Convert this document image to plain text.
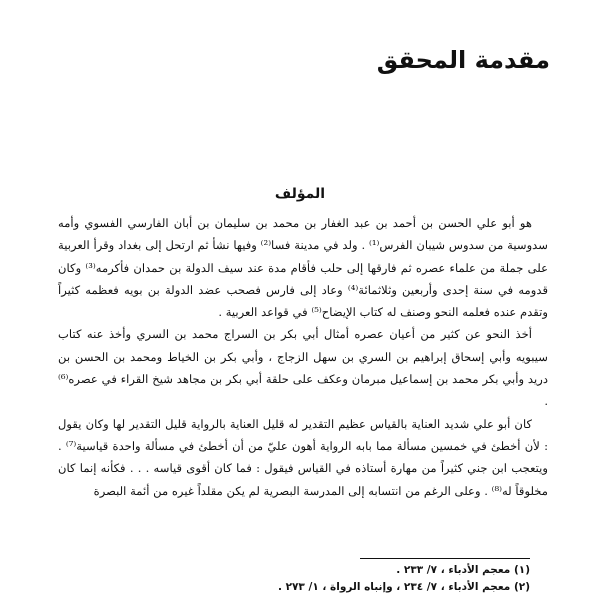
مقدمة المحقق
المؤلف

هو أبو علي الحسن بن أحمد بن عبد الغفار بن محمد بن سليمان بن أبان الفارسي الفسوي وأمه سدوسية من سدوس شيبان الفرس⁽¹⁾ . ولد في مدينة فسا⁽²⁾ وفيها نشأ ثم ارتحل إلى بغداد وقرأ العربية على جملة من علماء عصره ثم فارقها إلى حلب فأقام مدة عند سيف الدولة بن حمدان فأكرمه⁽³⁾ وكان قدومه في سنة إحدى وأربعين وثلاثمائة⁽⁴⁾ وعاد إلى فارس فصحب عضد الدولة بن بويه فعظمه كثيراً وتقدم عنده فعلمه النحو وصنف له كتاب الإيضاح⁽⁵⁾ في قواعد العربية .

أخذ النحو عن كثير من أعيان عصره أمثال أبي بكر بن السراج محمد بن السري وأخذ عنه كتاب سيبويه وأبي إسحاق إبراهيم بن السري بن سهل الزجاج ، وأبي بكر بن الخياط ومحمد بن الحسن بن دريد وأبي بكر محمد بن إسماعيل مبرمان وعكف على حلقة أبي بكر بن مجاهد شيخ القراء في عصره⁽⁶⁾ .

كان أبو علي شديد العناية بالقياس عظيم التقدير له قليل العناية بالرواية قليل التقدير لها وكان يقول : لأن أخطئ في خمسين مسألة مما بابه الرواية أهون عليّ من أن أخطئ في مسألة واحدة قياسية⁽⁷⁾ . ويتعجب ابن جني كثيراً من مهارة أستاذه في القياس فيقول : فما كان أقوى قياسه . . . فكأنه إنما كان مخلوقاً له⁽⁸⁾ . وعلى الرغم من انتسابه إلى المدرسة البصرية لم يكن مقلداً غيره من أئمة البصرة

(١) معجم الأدباء ، ٧/ ٢٣٣ .
(٢) معجم الأدباء ، ٧/ ٢٣٤ ، وإنباه الرواة ، ١/ ٢٧٣ .
